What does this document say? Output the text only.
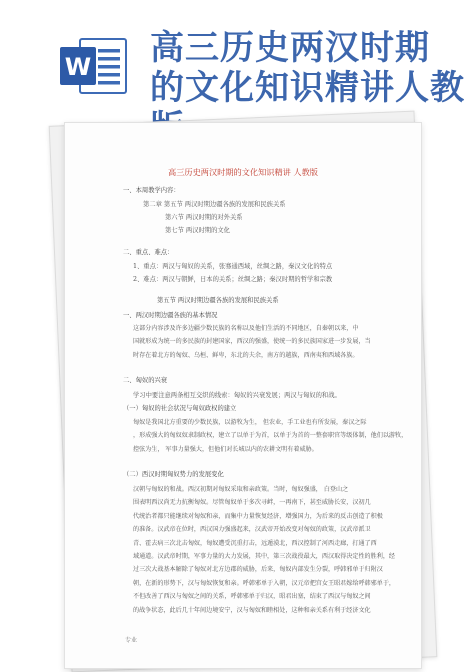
W 高三历史两汉时期
的文化知识精讲人教
高三历史两汉时期的文化知识精讲 人教版
一、本周教学内容：
第二章 第五节 两汉时期边疆各族的发展和民族关系
第六节 两汉时期的对外关系
第七节 两汉时期的文化
二、重点、难点：
1、重点：两汉与匈奴的关系，张骞通西域，丝绸之路，秦汉文化的特点
2、难点：两汉与朝鲜，日本的关系；丝绸之路；秦汉时期的哲学和宗教
第五节 两汉时期边疆各族的发展和民族关系
一、两汉时期边疆各族的基本情况
这部分内容涉及许多边疆少数民族的名称以及他们生活的不同地区，自秦朝以来，中
国就形成为统一的多民族的封建国家，西汉的强盛，使统一的多民族国家进一步发展，当
时存在着北方的匈奴、乌桓、鲜卑，东北的夫余，南方的越族，西南夷和西域各族。
二、匈奴的兴衰
学习中要注意两条相互交织的线索：匈奴的兴衰发展；两汉与匈奴的和战。
（一）匈奴的社会状况与匈奴政权的建立
匈奴是我国北方重要的少数民族，以游牧为生， 但农业，手工业也有所发展，秦汉之际
，形成强大的匈奴奴隶制政权，建立了以单于为首，以单于为首的一整套职官等级体制，他们以游牧，
控弦为生， 军事力量强大，但他们对长城以内的农耕文明有着威胁。
（二）西汉时期匈奴势力的发展变化
汉朝与匈奴的和战。西汉初期对匈奴采取和亲政策。当时，匈奴强盛， 白登山之
围表明西汉尚无力抗衡匈奴。尽管匈奴单于多次寻衅，一再南下，甚至威胁长安，汉初几
代统治者都只能继续对匈奴和亲，而集中力量恢复经济，增强国力，为后来的反击创造了积极
的准备。汉武帝在位时，西汉国力强盛起来，汉武帝开始改变对匈奴的政策，汉武帝派卫
青、霍去病三次北击匈奴，匈奴遭受沉重打击，远遁漠北，西汉控制了河西走廊，打通了西
域通道。汉武帝时期，军事力量的大力发展，其中，第三次战役最大，西汉取得决定性的胜利，经
过三次大战基本解除了匈奴对北方边郡的威胁，后来，匈奴内部发生分裂，呼韩邪单于归附汉
朝，在新的形势下，汉与匈奴恢复和亲。呼韩邪单于入朝，汉元帝把宫女王昭君嫁给呼韩邪单于，
不但改善了西汉与匈奴之间的关系，呼韩邪单于归汉，昭君出塞，结束了西汉与匈奴之间
的战争状态，此后几十年间边境安宁，汉与匈奴和睦相处，这种和亲关系有利于经济文化
专业
